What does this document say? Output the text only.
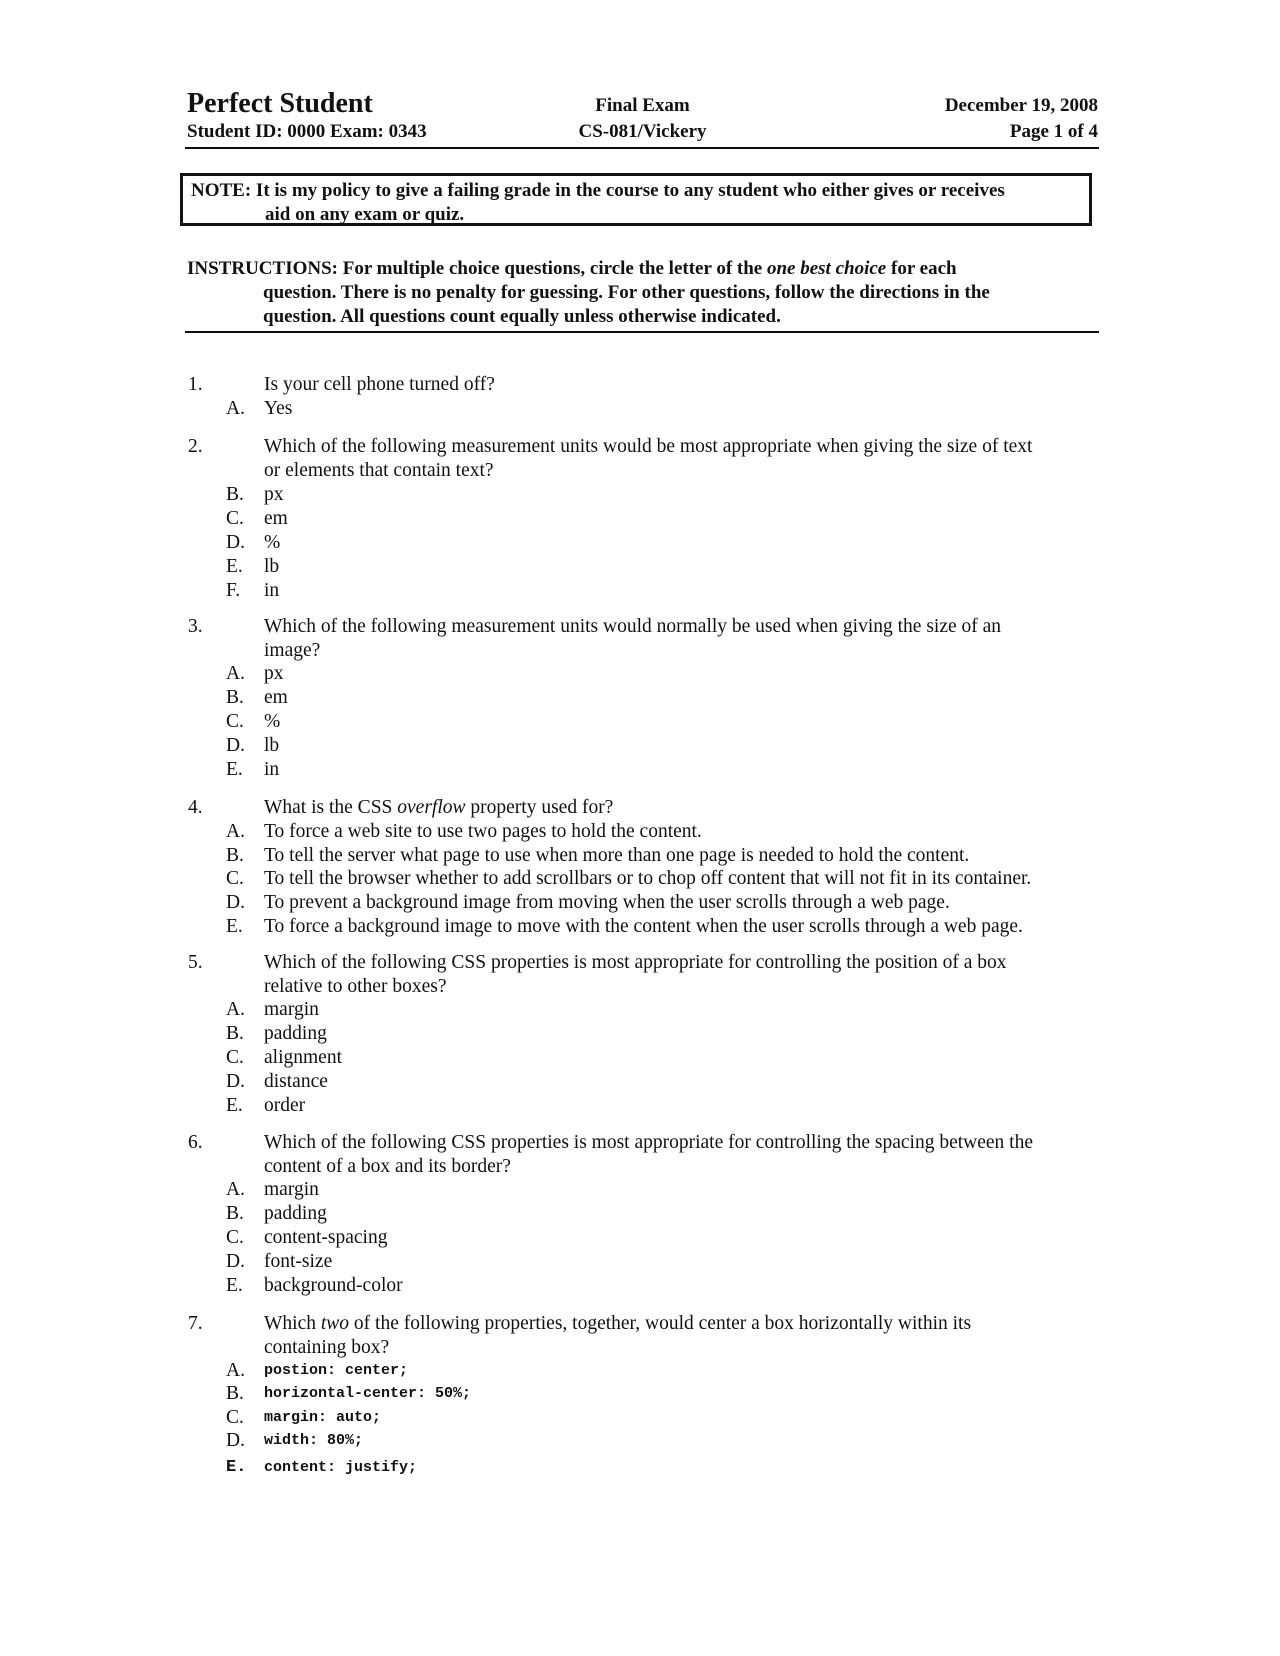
Perfect Student	Final Exam	December 19, 2008
Student ID: 0000 Exam: 0343	CS-081/Vickery	Page 1 of 4
NOTE: It is my policy to give a failing grade in the course to any student who either gives or receives
aid on any exam or quiz.
INSTRUCTIONS: For multiple choice questions, circle the letter of the one best choice for each
question. There is no penalty for guessing. For other questions, follow the directions in the
question. All questions count equally unless otherwise indicated.
1.	Is your cell phone turned off?
A. Yes
2.	Which of the following measurement units would be most appropriate when giving the size of text
or elements that contain text?
B.	px
C.	em
D. %
E.	lb
F.	in
3.	Which of the following measurement units would normally be used when giving the size of an
image?
A. px
B.	em
C.	%
D. lb
E.	in
4.	What is the CSS overflow property used for?
A. To force a web site to use two pages to hold the content.
B.	To tell the server what page to use when more than one page is needed to hold the content.
C.	To tell the browser whether to add scrollbars or to chop off content that will not fit in its container.
D. To prevent a background image from moving when the user scrolls through a web page.
E.	To force a background image to move with the content when the user scrolls through a web page.
5.	Which of the following CSS properties is most appropriate for controlling the position of a box
relative to other boxes?
A. margin
B.	padding
C.	alignment
D. distance
E.	order
6.	Which of the following CSS properties is most appropriate for controlling the spacing between the
content of a box and its border?
A. margin
B.	padding
C.	content-spacing
D. font-size
E.	background-color
7.	Which two of the following properties, together, would center a box horizontally within its
containing box?
A.	postion: center;
B.	horizontal-center: 50%;
C.	margin: auto;
D.	width: 80%;
E.	content: justify;
